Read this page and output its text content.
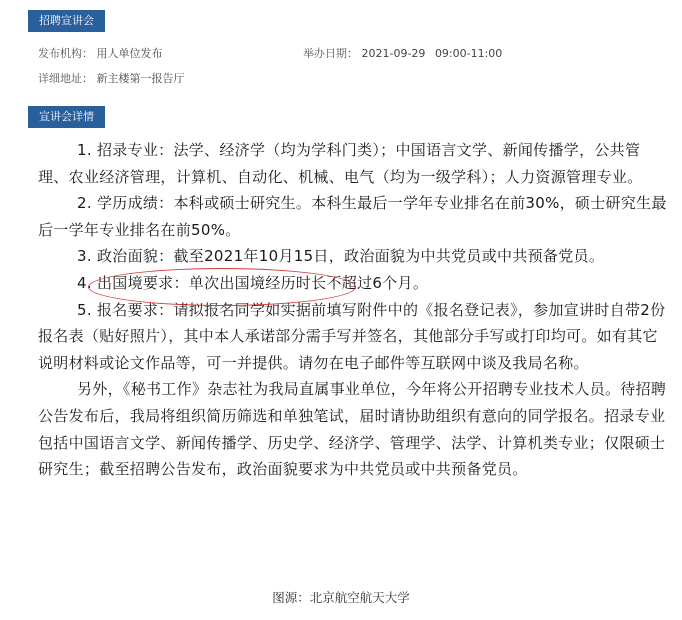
招聘宣讲会
发布机构： 用人单位发布	举办日期： 2021-09-29 09:00-11:00
详细地址： 新主楼第一报告厅
宣讲会详情

1. 招录专业：法学、经济学（均为学科门类）；中国语言文学、新闻传播学，公共管理、农业经济管理，计算机、自动化、机械、电气（均为一级学科）；人力资源管理专业。

2. 学历成绩：本科或硕士研究生。本科生最后一学年专业排名在前30%，硕士研究生最后一学年专业排名在前50%。

3. 政治面貌：截至2021年10月15日，政治面貌为中共党员或中共预备党员。

4. 出国境要求：单次出国境经历时长不超过6个月。

5. 报名要求：请拟报名同学如实据前填写附件中的《报名登记表》，参加宣讲时自带2份报名表（贴好照片），其中本人承诺部分需手写并签名，其他部分手写或打印均可。如有其它说明材料或论文作品等，可一并提供。请勿在电子邮件等互联网中谈及我局名称。

另外，《秘书工作》杂志社为我局直属事业单位，今年将公开招聘专业技术人员。待招聘公告发布后，我局将组织简历筛选和单独笔试，届时请协助组织有意向的同学报名。招录专业包括中国语言文学、新闻传播学、历史学、经济学、管理学、法学、计算机类专业；仅限硕士研究生；截至招聘公告发布，政治面貌要求为中共党员或中共预备党员。

图源：北京航空航天大学
